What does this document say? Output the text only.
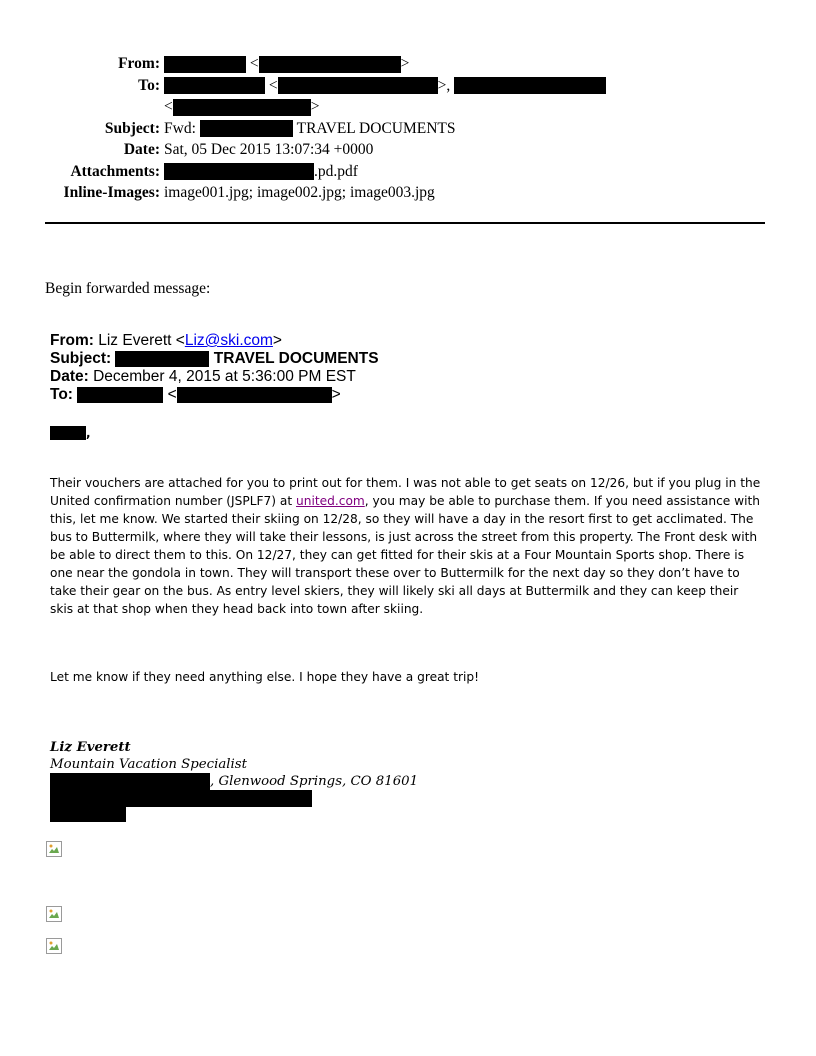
From:	<	>
To:	<	>,
<	>
Subject: Fwd:	TRAVEL DOCUMENTS
Date: Sat, 05 Dec 2015 13:07:34 +0000
Attachments:	.pd.pdf
Inline-Images: image001.jpg; image002.jpg; image003.jpg
Begin forwarded message:
From: Liz Everett <Liz@ski.com>
Subject:	TRAVEL DOCUMENTS
Date: December 4, 2015 at 5:36:00 PM EST
To:	<	>
,
Their vouchers are attached for you to print out for them. I was not able to get seats on 12/26, but if you plug in the United confirmation number (JSPLF7) at united.com, you may be able to purchase them. If you need assistance with this, let me know. We started their skiing on 12/28, so they will have a day in the resort first to get acclimated. The bus to Buttermilk, where they will take their lessons, is just across the street from this property. The Front desk with be able to direct them to this. On 12/27, they can get fitted for their skis at a Four Mountain Sports shop. There is one near the gondola in town. They will transport these over to Buttermilk for the next day so they don’t have to take their gear on the bus. As entry level skiers, they will likely ski all days at Buttermilk and they can keep their skis at that shop when they head back into town after skiing.
Let me know if they need anything else. I hope they have a great trip!
Liz Everett
Mountain Vacation Specialist
, Glenwood Springs, CO 81601
